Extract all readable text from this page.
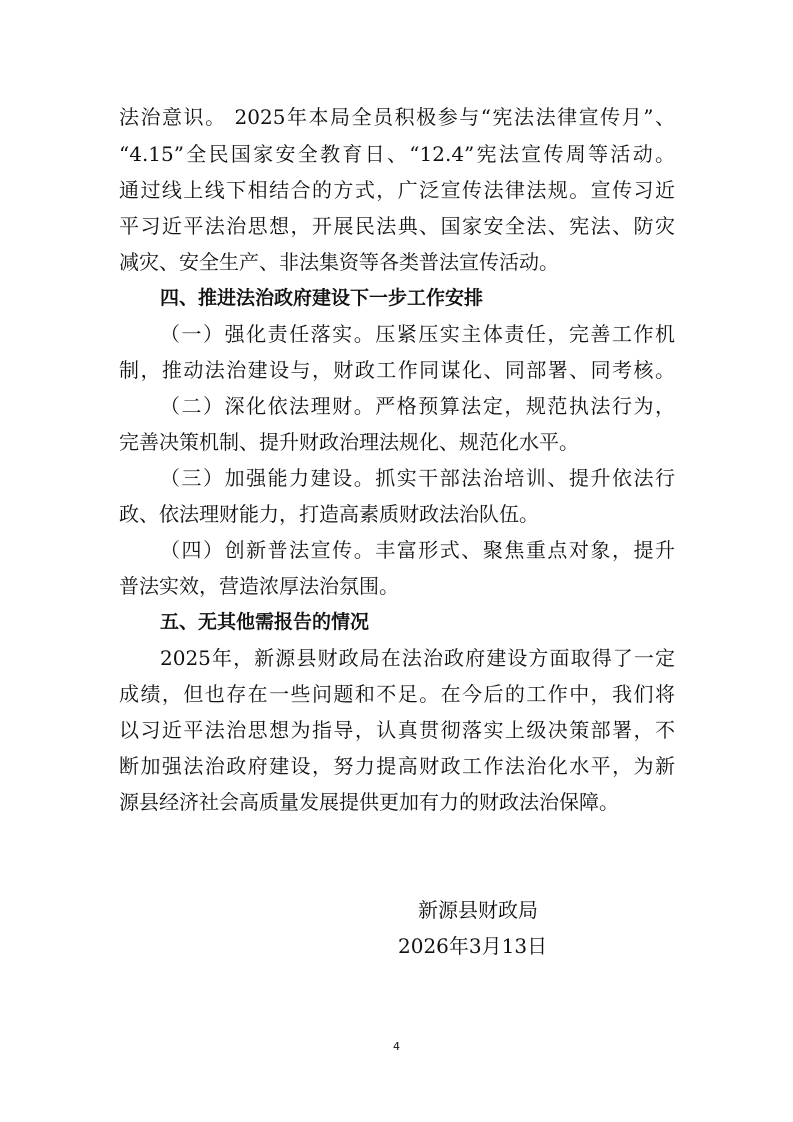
法治意识。 2025年本局全员积极参与“宪法法律宣传月”、
“4.15”全民国家安全教育日、“12.4”宪法宣传周等活动。
通过线上线下相结合的方式，广泛宣传法律法规。宣传习近
平习近平法治思想，开展民法典、国家安全法、宪法、防灾
减灾、安全生产、非法集资等各类普法宣传活动。
四、推进法治政府建设下一步工作安排
（一）强化责任落实。压紧压实主体责任，完善工作机
制，推动法治建设与，财政工作同谋化、同部署、同考核。
（二）深化依法理财。严格预算法定，规范执法行为，
完善决策机制、提升财政治理法规化、规范化水平。
（三）加强能力建设。抓实干部法治培训、提升依法行
政、依法理财能力，打造高素质财政法治队伍。
（四）创新普法宣传。丰富形式、聚焦重点对象，提升
普法实效，营造浓厚法治氛围。
五、无其他需报告的情况
2025年，新源县财政局在法治政府建设方面取得了一定
成绩，但也存在一些问题和不足。在今后的工作中，我们将
以习近平法治思想为指导，认真贯彻落实上级决策部署，不
断加强法治政府建设，努力提高财政工作法治化水平，为新
源县经济社会高质量发展提供更加有力的财政法治保障。
新源县财政局
2026年3月13日
4
